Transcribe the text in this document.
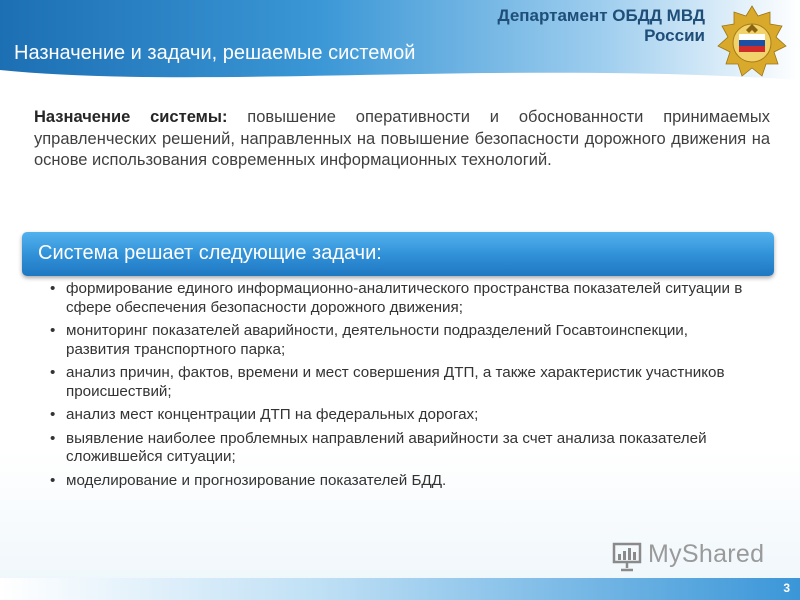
Департамент ОБДД МВД России
Назначение и задачи, решаемые системой
Назначение системы: повышение оперативности и обоснованности принимаемых управленческих решений, направленных на повышение безопасности дорожного движения на основе использования современных информационных технологий.
Система решает следующие задачи:
• формирование единого информационно-аналитического пространства показателей ситуации в сфере обеспечения безопасности дорожного движения;
• мониторинг показателей аварийности, деятельности подразделений Госавтоинспекции, развития транспортного парка;
• анализ причин, фактов, времени и мест совершения ДТП, а также характеристик участников происшествий;
• анализ мест концентрации ДТП на федеральных дорогах;
• выявление наиболее проблемных направлений аварийности за счет анализа показателей сложившейся ситуации;
• моделирование и прогнозирование показателей БДД.
MyShared
3
